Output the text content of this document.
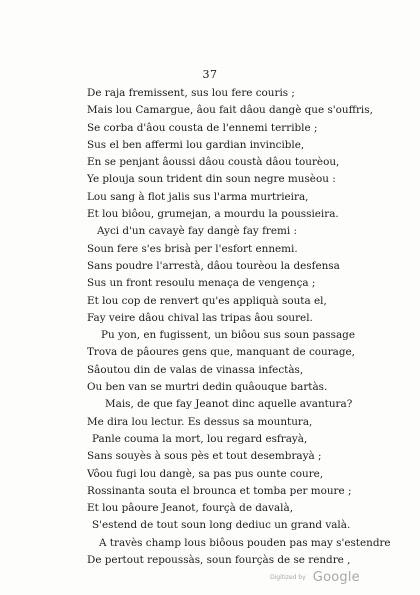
37
De raja fremissent, sus lou fere couris ;
Mais lou Camargue, âou fait dâou dangè que s'ouffris,
Se corba d'âou cousta de l'ennemi terrible ;
Sus el ben affermi lou gardian invincible,
En se penjant âoussi dâou coustà dâou tourèou,
Ye plouja soun trident din soun negre musèou :
Lou sang à flot jalis sus l'arma murtrieira,
Et lou biôou, grumejan, a mourdu la poussieira.
Ayci d'un cavayè fay dangè fay fremi :
Soun fere s'es brisà per l'esfort ennemi.
Sans poudre l'arrestà, dâou tourèou la desfensa
Sus un front resoulu menaça de vengença ;
Et lou cop de renvert qu'es appliquà souta el,
Fay veire dâou chival las tripas âou sourel.
Pu yon, en fugissent, un biôou sus soun passage
Trova de pâoures gens que, manquant de courage,
Sâoutou din de valas de vinassa infectàs,
Ou ben van se murtri dedin quâouque bartàs.
Mais, de que fay Jeanot dinc aquelle avantura?
Me dira lou lectur. Es dessus sa mountura,
Panle couma la mort, lou regard esfrayà,
Sans souyès à sous pès et tout desembrayà ;
Vôou fugi lou dangè, sa pas pus ounte coure,
Rossinanta souta el brounca et tomba per moure ;
Et lou pâoure Jeanot, fourçà de davalà,
S'estend de tout soun long dediuc un grand valà.
A travès champ lous biôous pouden pas may s'estendre
De pertout repoussàs, soun fourçàs de se rendre ,
Digitized by Google
